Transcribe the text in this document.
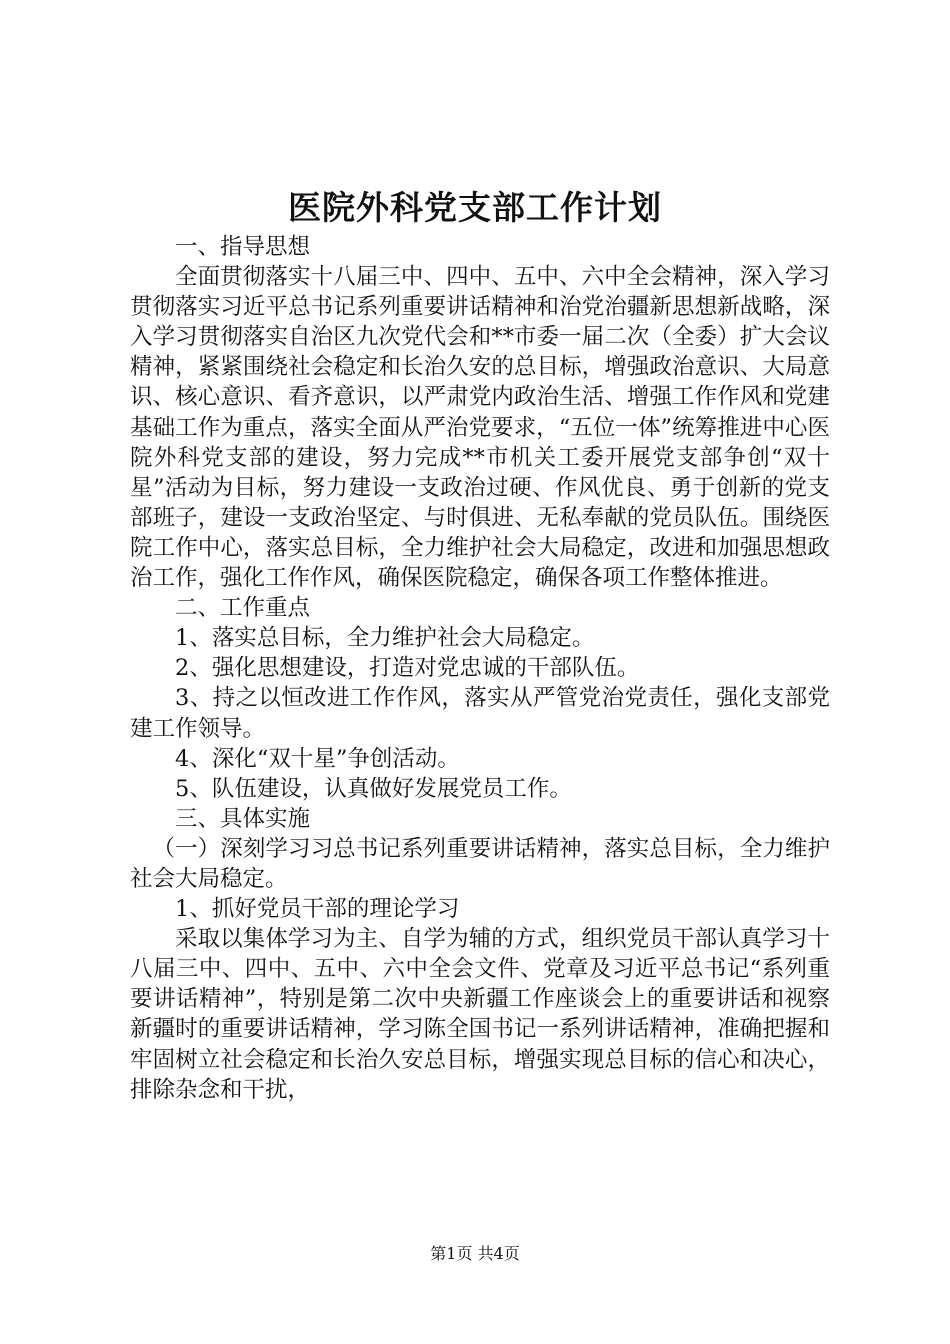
医院外科党支部工作计划

一、指导思想

全面贯彻落实十八届三中、四中、五中、六中全会精神，深入学习贯彻落实习近平总书记系列重要讲话精神和治党治疆新思想新战略，深入学习贯彻落实自治区九次党代会和**市委一届二次（全委）扩大会议精神，紧紧围绕社会稳定和长治久安的总目标，增强政治意识、大局意识、核心意识、看齐意识，以严肃党内政治生活、增强工作作风和党建基础工作为重点，落实全面从严治党要求，“五位一体”统筹推进中心医院外科党支部的建设，努力完成**市机关工委开展党支部争创“双十星”活动为目标，努力建设一支政治过硬、作风优良、勇于创新的党支部班子，建设一支政治坚定、与时俱进、无私奉献的党员队伍。围绕医院工作中心，落实总目标，全力维护社会大局稳定，改进和加强思想政治工作，强化工作作风，确保医院稳定，确保各项工作整体推进。

二、工作重点

1、落实总目标，全力维护社会大局稳定。

2、强化思想建设，打造对党忠诚的干部队伍。

3、持之以恒改进工作作风，落实从严管党治党责任，强化支部党建工作领导。

4、深化“双十星”争创活动。

5、队伍建设，认真做好发展党员工作。

三、具体实施

（一）深刻学习习总书记系列重要讲话精神，落实总目标，全力维护社会大局稳定。

1、抓好党员干部的理论学习

采取以集体学习为主、自学为辅的方式，组织党员干部认真学习十八届三中、四中、五中、六中全会文件、党章及习近平总书记“系列重要讲话精神”，特别是第二次中央新疆工作座谈会上的重要讲话和视察新疆时的重要讲话精神，学习陈全国书记一系列讲话精神，准确把握和牢固树立社会稳定和长治久安总目标，增强实现总目标的信心和决心，排除杂念和干扰，

第1页 共4页
